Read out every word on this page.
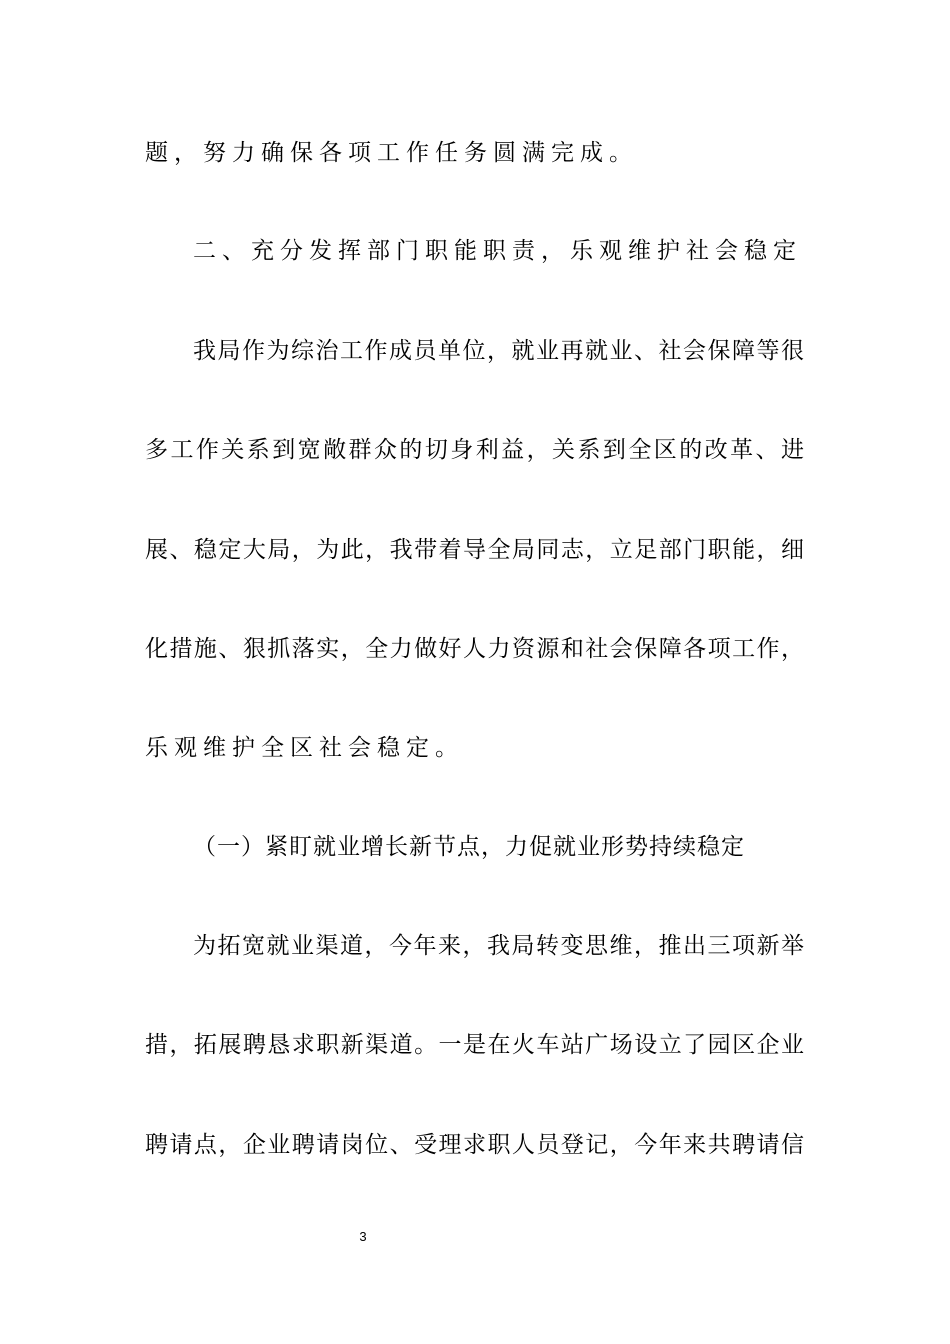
题，努力确保各项工作任务圆满完成。
二、充分发挥部门职能职责，乐观维护社会稳定
我局作为综治工作成员单位，就业再就业、社会保障等很
多工作关系到宽敞群众的切身利益，关系到全区的改革、进
展、稳定大局，为此，我带着导全局同志，立足部门职能，细
化措施、狠抓落实，全力做好人力资源和社会保障各项工作，
乐观维护全区社会稳定。
（一）紧盯就业增长新节点，力促就业形势持续稳定
为拓宽就业渠道，今年来，我局转变思维，推出三项新举
措，拓展聘恳求职新渠道。一是在火车站广场设立了园区企业
聘请点，企业聘请岗位、受理求职人员登记，今年来共聘请信
3
